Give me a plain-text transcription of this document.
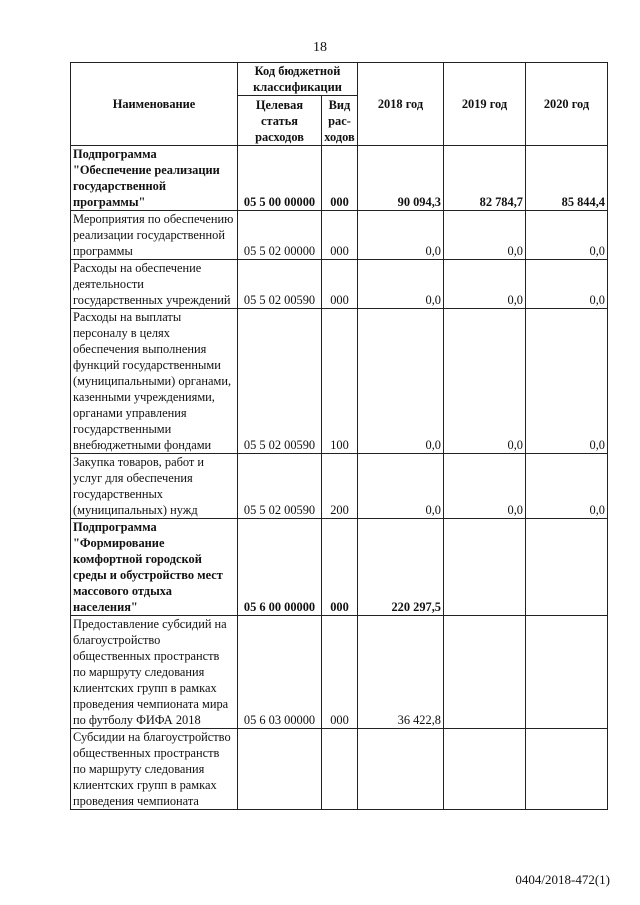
18
Наименование	Код бюджетной классификации		2018 год	2019 год	2020 год
	Целевая статья расходов	Вид рас-ходов			
Подпрограмма "Обеспечение реализации государственной программы"	05 5 00 00000	000	90 094,3	82 784,7	85 844,4
Мероприятия по обеспечению реализации государственной программы	05 5 02 00000	000	0,0	0,0	0,0
Расходы на обеспечение деятельности государственных учреждений	05 5 02 00590	000	0,0	0,0	0,0
Расходы на выплаты персоналу в целях обеспечения выполнения функций государственными (муниципальными) органами, казенными учреждениями, органами управления государственными внебюджетными фондами	05 5 02 00590	100	0,0	0,0	0,0
Закупка товаров, работ и услуг для обеспечения государственных (муниципальных) нужд	05 5 02 00590	200	0,0	0,0	0,0
Подпрограмма "Формирование комфортной городской среды и обустройство мест массового отдыха населения"	05 6 00 00000	000	220 297,5		
Предоставление субсидий на благоустройство общественных пространств по маршруту следования клиентских групп в рамках проведения чемпионата мира по футболу ФИФА 2018	05 6 03 00000	000	36 422,8		
Субсидии на благоустройство общественных пространств по маршруту следования клиентских групп в рамках проведения чемпионата					
0404/2018-472(1)
